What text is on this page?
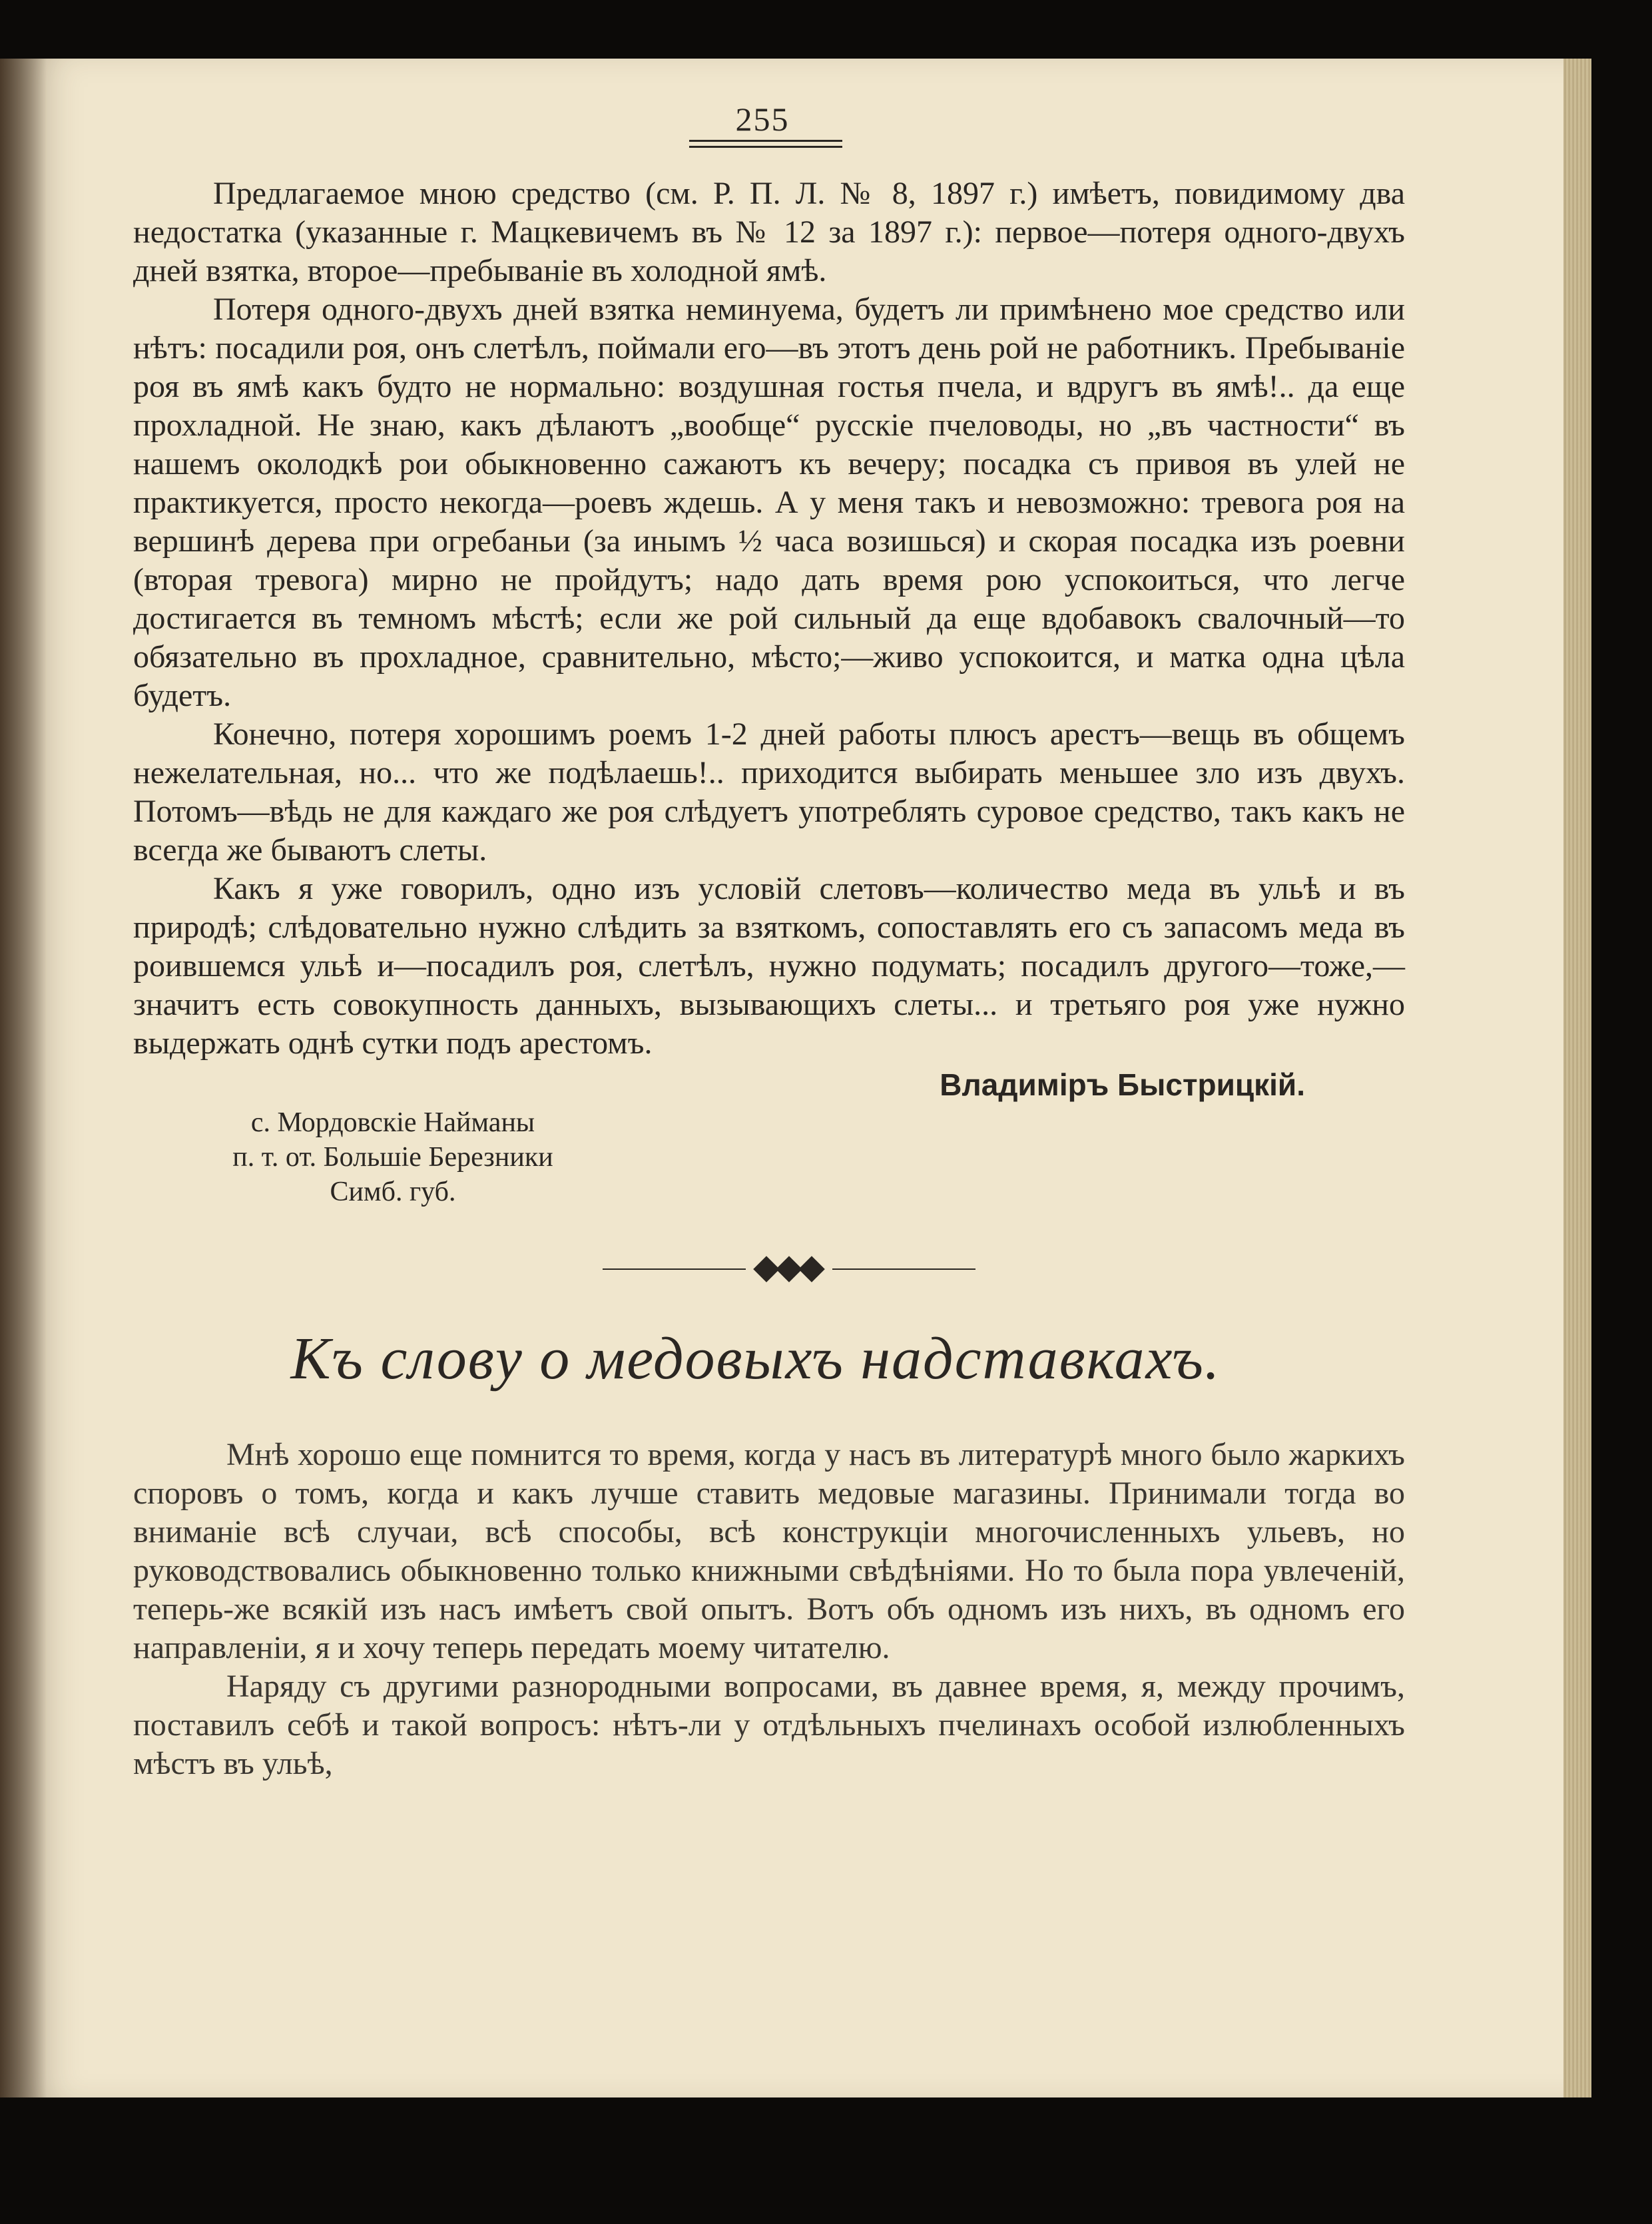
255

Предлагаемое мною средство (см. Р. П. Л. № 8, 1897 г.) имѣетъ, повидимому два недостатка (указанные г. Мацкевичемъ въ № 12 за 1897 г.): первое—потеря одного-двухъ дней взятка, второе—пребываніе въ холодной ямѣ.

Потеря одного-двухъ дней взятка неминуема, будетъ ли примѣнено мое средство или нѣтъ: посадили роя, онъ слетѣлъ, поймали его—въ этотъ день рой не работникъ. Пребываніе роя въ ямѣ какъ будто не нормально: воздушная гостья пчела, и вдругъ въ ямѣ!.. да еще прохладной. Не знаю, какъ дѣлаютъ „вообще“ русскіе пчеловоды, но „въ частности“ въ нашемъ околодкѣ рои обыкновенно сажаютъ къ вечеру; посадка съ привоя въ улей не практикуется, просто некогда—роевъ ждешь. А у меня такъ и невозможно: тревога роя на вершинѣ дерева при огребаньи (за инымъ ½ часа возишься) и скорая посадка изъ роевни (вторая тревога) мирно не пройдутъ; надо дать время рою успокоиться, что легче достигается въ темномъ мѣстѣ; если же рой сильный да еще вдобавокъ свалочный—то обязательно въ прохладное, сравнительно, мѣсто;—живо успокоится, и матка одна цѣла будетъ.

Конечно, потеря хорошимъ роемъ 1-2 дней работы плюсъ арестъ—вещь въ общемъ нежелательная, но... что же подѣлаешь!.. приходится выбирать меньшее зло изъ двухъ. Потомъ—вѣдь не для каждаго же роя слѣдуетъ употреблять суровое средство, такъ какъ не всегда же бываютъ слеты.

Какъ я уже говорилъ, одно изъ условій слетовъ—количество меда въ ульѣ и въ природѣ; слѣдовательно нужно слѣдить за взяткомъ, сопоставлять его съ запасомъ меда въ роившемся ульѣ и—посадилъ роя, слетѣлъ, нужно подумать; посадилъ другого—тоже,—значитъ есть совокупность данныхъ, вызывающихъ слеты... и третьяго роя уже нужно выдержать однѣ сутки подъ арестомъ.

Владиміръ Быстрицкій.
с. Мордовскіе Найманы
п. т. от. Большіе Березники
Симб. губ.
Къ слову о медовыхъ надставкахъ.

Мнѣ хорошо еще помнится то время, когда у насъ въ литературѣ много было жаркихъ споровъ о томъ, когда и какъ лучше ставить медовые магазины. Принимали тогда во вниманіе всѣ случаи, всѣ способы, всѣ конструкціи многочисленныхъ ульевъ, но руководствовались обыкновенно только книжными свѣдѣніями. Но то была пора увлеченій, теперь-же всякій изъ насъ имѣетъ свой опытъ. Вотъ объ одномъ изъ нихъ, въ одномъ его направленіи, я и хочу теперь передать моему читателю.

Наряду съ другими разнородными вопросами, въ давнее время, я, между прочимъ, поставилъ себѣ и такой вопросъ: нѣтъ-ли у отдѣльныхъ пчелинахъ особой излюбленныхъ мѣстъ въ ульѣ,
